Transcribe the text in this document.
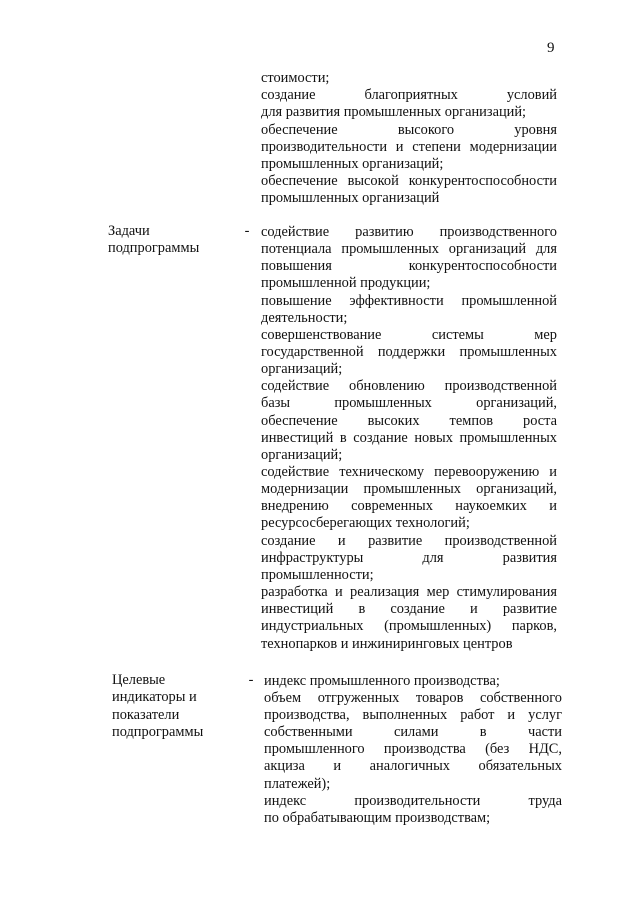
9
стоимости;
создание благоприятных условий
для развития промышленных организаций;
обеспечение высокого уровня
производительности и степени модернизации
промышленных организаций;
обеспечение высокой конкурентоспособности
промышленных организаций
Задачи
подпрограммы
- содействие развитию производственного
потенциала промышленных организаций для
повышения конкурентоспособности
промышленной продукции;
повышение эффективности промышленной
деятельности;
совершенствование системы мер
государственной поддержки промышленных
организаций;
содействие обновлению производственной
базы промышленных организаций,
обеспечение высоких темпов роста
инвестиций в создание новых промышленных
организаций;
содействие техническому перевооружению и
модернизации промышленных организаций,
внедрению современных наукоемких и
ресурсосберегающих технологий;
создание и развитие производственной
инфраструктуры для развития
промышленности;
разработка и реализация мер стимулирования
инвестиций в создание и развитие
индустриальных (промышленных) парков,
технопарков и инжиниринговых центров
Целевые
индикаторы и
показатели
подпрограммы
- индекс промышленного производства;
объем отгруженных товаров собственного
производства, выполненных работ и услуг
собственными силами в части
промышленного производства (без НДС,
акциза и аналогичных обязательных
платежей);
индекс производительности труда
по обрабатывающим производствам;
